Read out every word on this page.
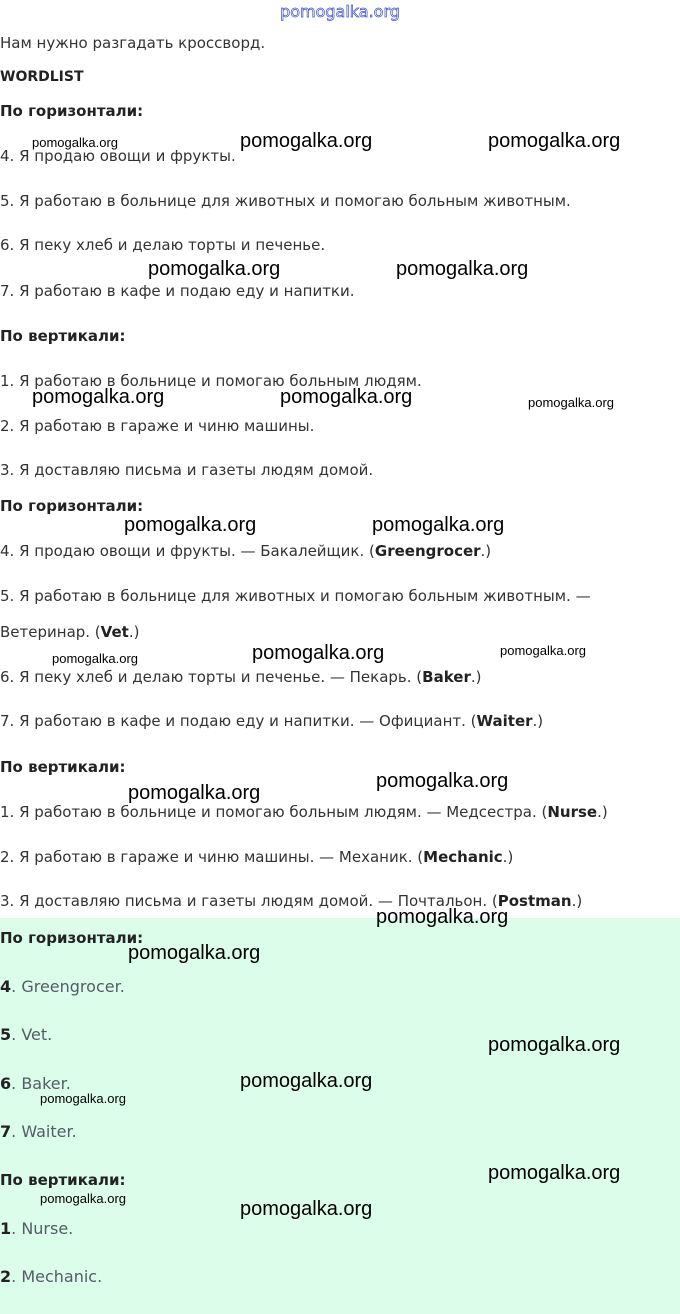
pomogalka.org

Нам нужно разгадать кроссворд.

WORDLIST

По горизонтали:

4. Я продаю овощи и фрукты.

5. Я работаю в больнице для животных и помогаю больным животным.

6. Я пеку хлеб и делаю торты и печенье.

7. Я работаю в кафе и подаю еду и напитки.

По вертикали:

1. Я работаю в больнице и помогаю больным людям.

2. Я работаю в гараже и чиню машины.

3. Я доставляю письма и газеты людям домой.

По горизонтали:

4. Я продаю овощи и фрукты. — Бакалейщик. (Greengrocer.)

5. Я работаю в больнице для животных и помогаю больным животным. —

Ветеринар. (Vet.)

6. Я пеку хлеб и делаю торты и печенье. — Пекарь. (Baker.)

7. Я работаю в кафе и подаю еду и напитки. — Официант. (Waiter.)

По вертикали:

1. Я работаю в больнице и помогаю больным людям. — Медсестра. (Nurse.)

2. Я работаю в гараже и чиню машины. — Механик. (Mechanic.)

3. Я доставляю письма и газеты людям домой. — Почтальон. (Postman.)

По горизонтали:

4. Greengrocer.

5. Vet.

6. Baker.

7. Waiter.

По вертикали:

1. Nurse.

2. Mechanic.

pomogalka.org	pomogalka.org	pomogalka.org
pomogalka.org	pomogalka.org
pomogalka.org	pomogalka.org	pomogalka.org
pomogalka.org	pomogalka.org
pomogalka.org	pomogalka.org	pomogalka.org
pomogalka.org
pomogalka.org
pomogalka.org
pomogalka.org
pomogalka.org
pomogalka.org
pomogalka.org
pomogalka.org
pomogalka.org	pomogalka.org
